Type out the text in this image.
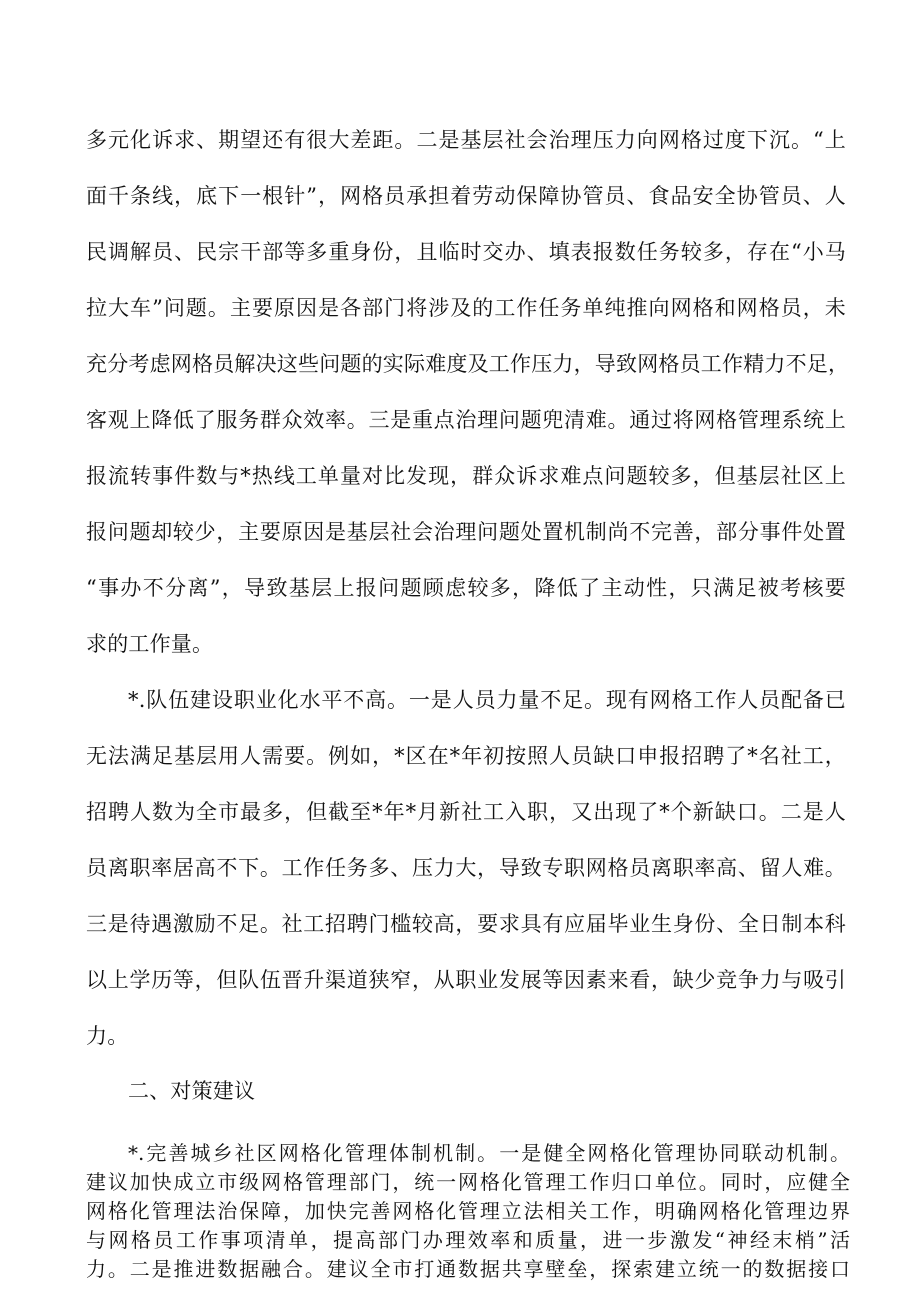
多元化诉求、期望还有很大差距。二是基层社会治理压力向网格过度下沉。“上
面千条线，底下一根针”，网格员承担着劳动保障协管员、食品安全协管员、人
民调解员、民宗干部等多重身份，且临时交办、填表报数任务较多，存在“小马
拉大车”问题。主要原因是各部门将涉及的工作任务单纯推向网格和网格员，未
充分考虑网格员解决这些问题的实际难度及工作压力，导致网格员工作精力不足，
客观上降低了服务群众效率。三是重点治理问题兜清难。通过将网格管理系统上
报流转事件数与*热线工单量对比发现，群众诉求难点问题较多，但基层社区上
报问题却较少，主要原因是基层社会治理问题处置机制尚不完善，部分事件处置
“事办不分离”，导致基层上报问题顾虑较多，降低了主动性，只满足被考核要
求的工作量。
*.队伍建设职业化水平不高。一是人员力量不足。现有网格工作人员配备已
无法满足基层用人需要。例如，*区在*年初按照人员缺口申报招聘了*名社工，
招聘人数为全市最多，但截至*年*月新社工入职，又出现了*个新缺口。二是人
员离职率居高不下。工作任务多、压力大，导致专职网格员离职率高、留人难。
三是待遇激励不足。社工招聘门槛较高，要求具有应届毕业生身份、全日制本科
以上学历等，但队伍晋升渠道狭窄，从职业发展等因素来看，缺少竞争力与吸引
力。
二、对策建议
*.完善城乡社区网格化管理体制机制。一是健全网格化管理协同联动机制。
建议加快成立市级网格管理部门，统一网格化管理工作归口单位。同时，应健全
网格化管理法治保障，加快完善网格化管理立法相关工作，明确网格化管理边界
与网格员工作事项清单，提高部门办理效率和质量，进一步激发“神经末梢”活
力。二是推进数据融合。建议全市打通数据共享壁垒，探索建立统一的数据接口
